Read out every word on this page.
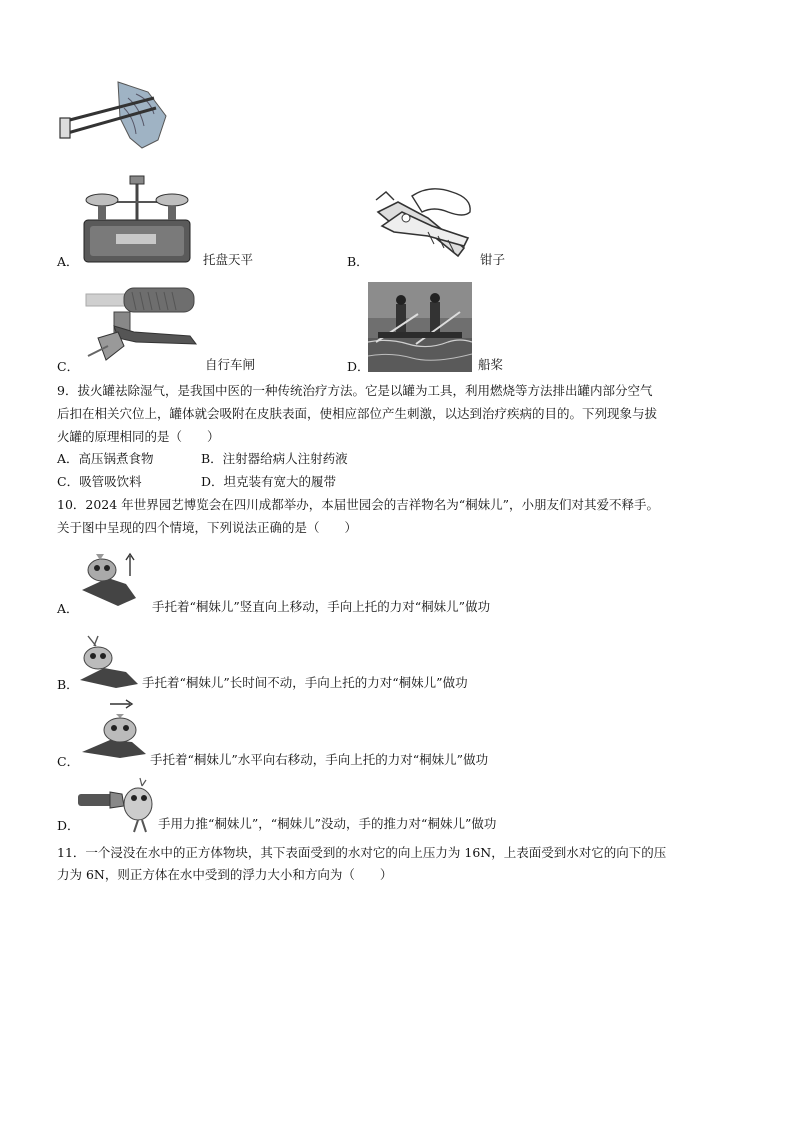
A．	托盘天平	B．	钳子
C．	自行车闸	D．	船桨
9．拔火罐祛除湿气，是我国中医的一种传统治疗方法。它是以罐为工具，利用燃烧等方法排出罐内部分空气
后扣在相关穴位上，罐体就会吸附在皮肤表面，使相应部位产生刺激，以达到治疗疾病的目的。下列现象与拔
火罐的原理相同的是（　　）
A．高压锅煮食物	B．注射器给病人注射药液
C．吸管吸饮料	D．坦克装有宽大的履带
10．2024 年世界园艺博览会在四川成都举办，本届世园会的吉祥物名为“桐妹儿”，小朋友们对其爱不释手。
关于图中呈现的四个情境，下列说法正确的是（　　）
A．	手托着“桐妹儿”竖直向上移动，手向上托的力对“桐妹儿”做功
B．	手托着“桐妹儿”长时间不动，手向上托的力对“桐妹儿”做功
C．	手托着“桐妹儿”水平向右移动，手向上托的力对“桐妹儿”做功
D．	手用力推“桐妹儿”，“桐妹儿”没动，手的推力对“桐妹儿”做功
11．一个浸没在水中的正方体物块，其下表面受到的水对它的向上压力为 16N，上表面受到水对它的向下的压
力为 6N，则正方体在水中受到的浮力大小和方向为（　　）
